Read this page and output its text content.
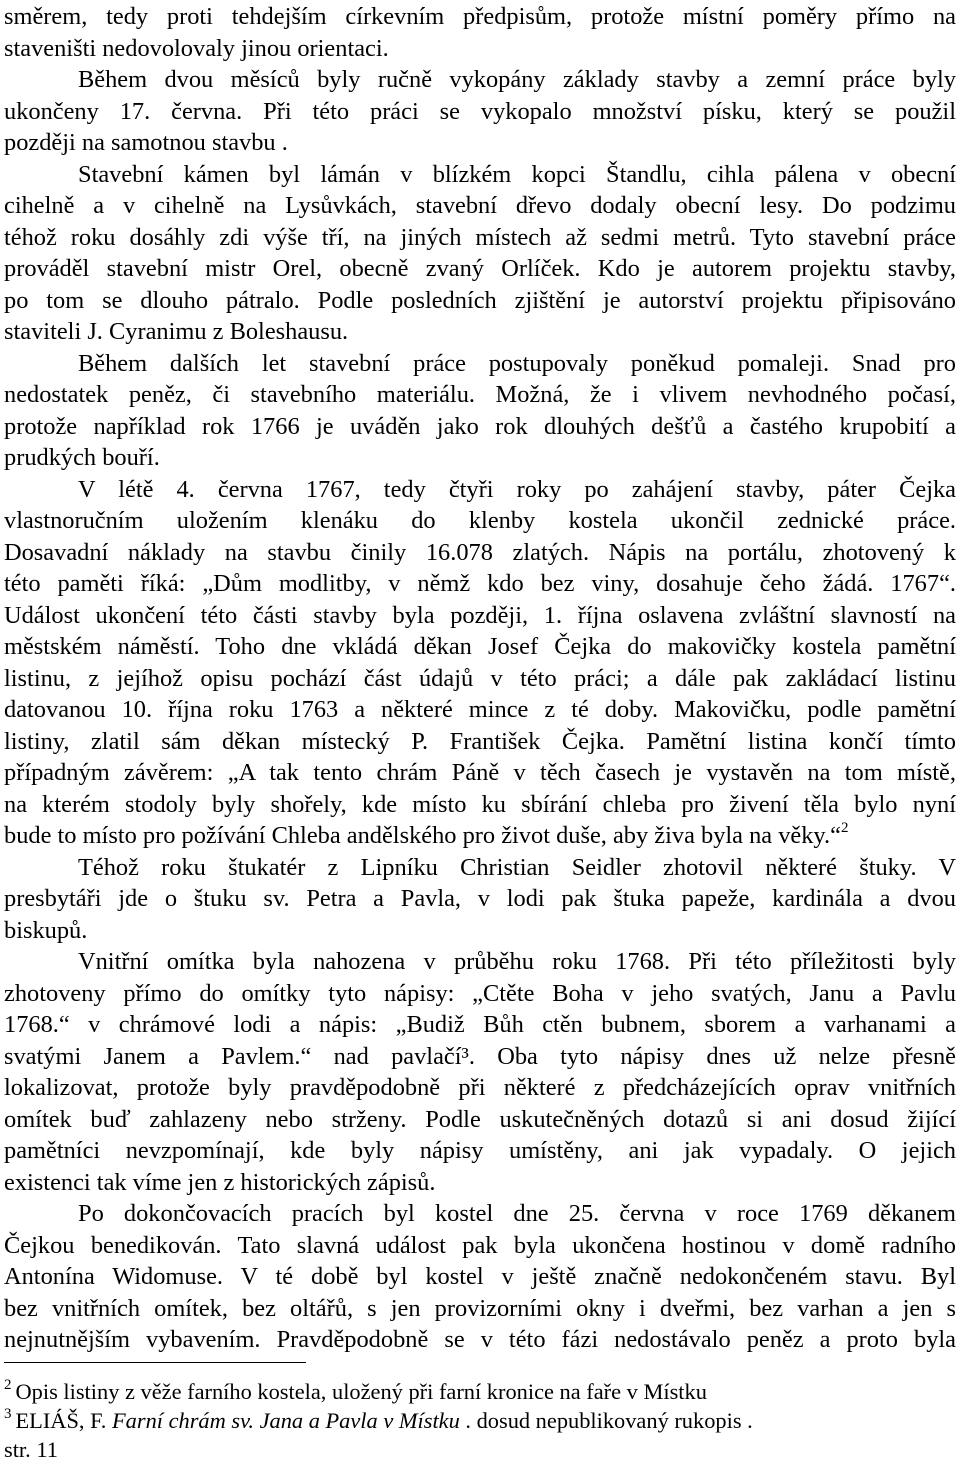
směrem, tedy proti tehdejším církevním předpisům, protože místní poměry přímo na
staveništi nedovolovaly jinou orientaci.
Během dvou měsíců byly ručně vykopány základy stavby a zemní práce byly
ukončeny 17. června. Při této práci se vykopalo množství písku, který se použil
později na samotnou stavbu .
Stavební kámen byl lámán v blízkém kopci Štandlu, cihla pálena v obecní
cihelně a v cihelně na Lysůvkách, stavební dřevo dodaly obecní lesy. Do podzimu
téhož roku dosáhly zdi výše tří, na jiných místech až sedmi metrů. Tyto stavební práce
prováděl stavební mistr Orel, obecně zvaný Orlíček. Kdo je autorem projektu stavby,
po tom se dlouho pátralo. Podle posledních zjištění je autorství projektu připisováno
staviteli J. Cyranimu z Boleshausu.
Během dalších let stavební práce postupovaly poněkud pomaleji. Snad pro
nedostatek peněz, či stavebního materiálu. Možná, že i vlivem nevhodného počasí,
protože například rok 1766 je uváděn jako rok dlouhých dešťů a častého krupobití a
prudkých bouří.
V létě 4. června 1767, tedy čtyři roky po zahájení stavby, páter Čejka
vlastnoručním uložením klenáku do klenby kostela ukončil zednické práce.
Dosavadní náklady na stavbu činily 16.078 zlatých. Nápis na portálu, zhotovený k
této paměti říká: „Dům modlitby, v němž kdo bez viny, dosahuje čeho žádá. 1767“.
Událost ukončení této části stavby byla později, 1. října oslavena zvláštní slavností na
městském náměstí. Toho dne vkládá děkan Josef Čejka do makovičky kostela pamětní
listinu, z jejíhož opisu pochází část údajů v této práci; a dále pak zakládací listinu
datovanou 10. října roku 1763 a některé mince z té doby. Makovičku, podle pamětní
listiny, zlatil sám děkan místecký P. František Čejka. Pamětní listina končí tímto
případným závěrem: „A tak tento chrám Páně v těch časech je vystavěn na tom místě,
na kterém stodoly byly shořely, kde místo ku sbírání chleba pro živení těla bylo nyní
bude to místo pro požívání Chleba andělského pro život duše, aby živa byla na věky.“$^2$
Téhož roku štukatér z Lipníku Christian Seidler zhotovil některé štuky. V
presbytáři jde o štuku sv. Petra a Pavla, v lodi pak štuka papeže, kardinála a dvou
biskupů.
Vnitřní omítka byla nahozena v průběhu roku 1768. Při této příležitosti byly
zhotoveny přímo do omítky tyto nápisy: „Ctěte Boha v jeho svatých, Janu a Pavlu
1768.“ v chrámové lodi a nápis: „Budiž Bůh ctěn bubnem, sborem a varhanami a
svatými Janem a Pavlem.“ nad pavlačí³. Oba tyto nápisy dnes už nelze přesně
lokalizovat, protože byly pravděpodobně při některé z předcházejících oprav vnitřních
omítek buď zahlazeny nebo strženy. Podle uskutečněných dotazů si ani dosud žijící
pamětníci nevzpomínají, kde byly nápisy umístěny, ani jak vypadaly. O jejich
existenci tak víme jen z historických zápisů.
Po dokončovacích pracích byl kostel dne 25. června v roce 1769 děkanem
Čejkou benedikován. Tato slavná událost pak byla ukončena hostinou v domě radního
Antonína Widomuse. V té době byl kostel v ještě značně nedokončeném stavu. Byl
bez vnitřních omítek, bez oltářů, s jen provizorními okny i dveřmi, bez varhan a jen s
nejnutnějším vybavením. Pravděpodobně se v této fázi nedostávalo peněz a proto byla
$^2$ Opis listiny z věže farního kostela, uložený při farní kronice na faře v Místku
$^3$ ELIÁŠ, F. Farní chrám sv. Jana a Pavla v Místku . dosud nepublikovaný rukopis .
str. 11
